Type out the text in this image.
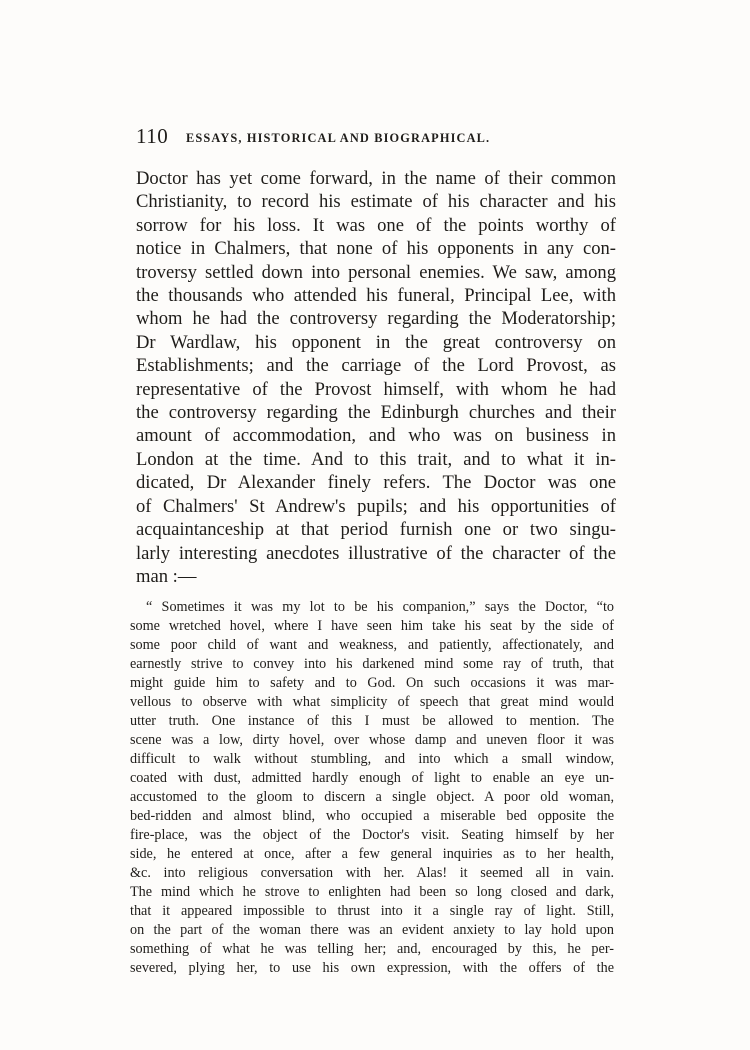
110 ESSAYS, HISTORICAL AND BIOGRAPHICAL.
Doctor has yet come forward, in the name of their common
Christianity, to record his estimate of his character and his
sorrow for his loss. It was one of the points worthy of
notice in Chalmers, that none of his opponents in any con-
troversy settled down into personal enemies. We saw, among
the thousands who attended his funeral, Principal Lee, with
whom he had the controversy regarding the Moderatorship;
Dr Wardlaw, his opponent in the great controversy on
Establishments; and the carriage of the Lord Provost, as
representative of the Provost himself, with whom he had
the controversy regarding the Edinburgh churches and their
amount of accommodation, and who was on business in
London at the time. And to this trait, and to what it in-
dicated, Dr Alexander finely refers. The Doctor was one
of Chalmers' St Andrew's pupils; and his opportunities of
acquaintanceship at that period furnish one or two singu-
larly interesting anecdotes illustrative of the character of the
man :—
“ Sometimes it was my lot to be his companion,” says the Doctor, “to
some wretched hovel, where I have seen him take his seat by the side of
some poor child of want and weakness, and patiently, affectionately, and
earnestly strive to convey into his darkened mind some ray of truth, that
might guide him to safety and to God. On such occasions it was mar-
vellous to observe with what simplicity of speech that great mind would
utter truth. One instance of this I must be allowed to mention. The
scene was a low, dirty hovel, over whose damp and uneven floor it was
difficult to walk without stumbling, and into which a small window,
coated with dust, admitted hardly enough of light to enable an eye un-
accustomed to the gloom to discern a single object. A poor old woman,
bed-ridden and almost blind, who occupied a miserable bed opposite the
fire-place, was the object of the Doctor's visit. Seating himself by her
side, he entered at once, after a few general inquiries as to her health,
&c. into religious conversation with her. Alas! it seemed all in vain.
The mind which he strove to enlighten had been so long closed and dark,
that it appeared impossible to thrust into it a single ray of light. Still,
on the part of the woman there was an evident anxiety to lay hold upon
something of what he was telling her; and, encouraged by this, he per-
severed, plying her, to use his own expression, with the offers of the
